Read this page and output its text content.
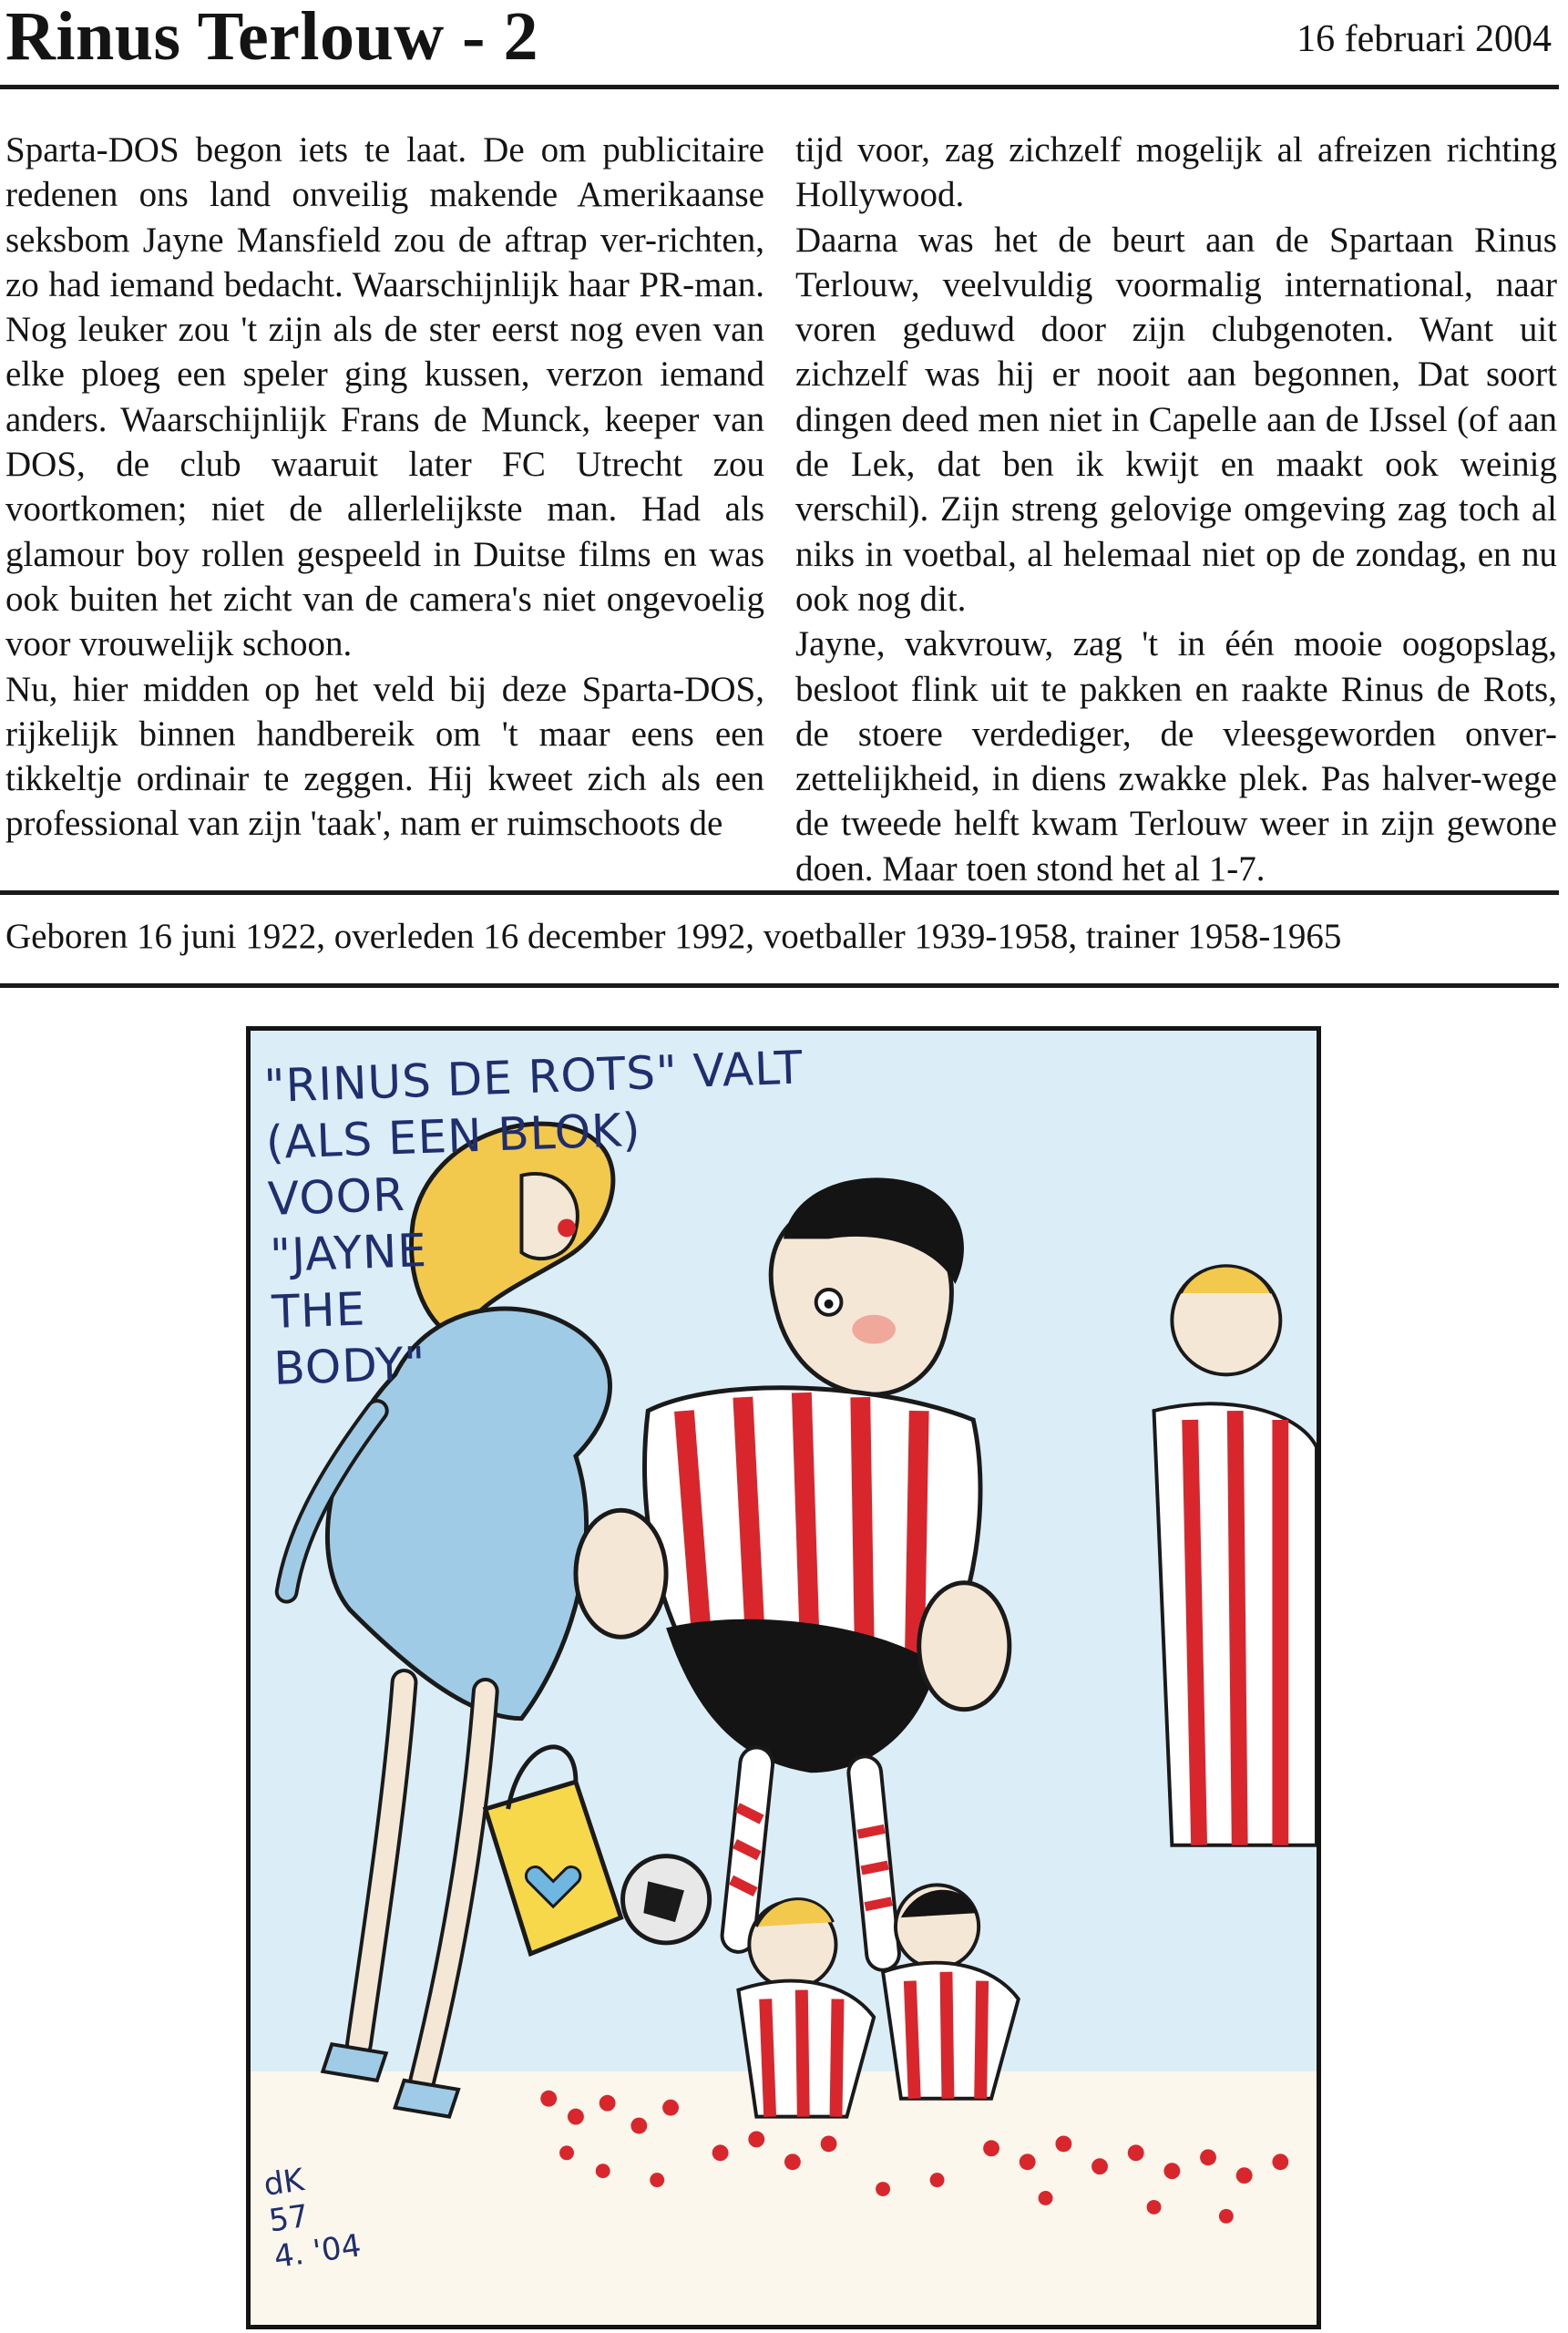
Rinus Terlouw - 2	16 februari 2004

Sparta-DOS begon iets te laat. De om publicitaire redenen ons land onveilig makende Amerikaanse seksbom Jayne Mansfield zou de aftrap ver-richten, zo had iemand bedacht. Waarschijnlijk haar PR-man. Nog leuker zou 't zijn als de ster eerst nog even van elke ploeg een speler ging kussen, verzon iemand anders. Waarschijnlijk Frans de Munck, keeper van DOS, de club waaruit later FC Utrecht zou voortkomen; niet de allerlelijkste man. Had als glamour boy rollen gespeeld in Duitse films en was ook buiten het zicht van de camera's niet ongevoelig voor vrouwelijk schoon.

Nu, hier midden op het veld bij deze Sparta-DOS, rijkelijk binnen handbereik om 't maar eens een tikkeltje ordinair te zeggen. Hij kweet zich als een professional van zijn 'taak', nam er ruimschoots de

tijd voor, zag zichzelf mogelijk al afreizen richting Hollywood.

Daarna was het de beurt aan de Spartaan Rinus Terlouw, veelvuldig voormalig international, naar voren geduwd door zijn clubgenoten. Want uit zichzelf was hij er nooit aan begonnen, Dat soort dingen deed men niet in Capelle aan de IJssel (of aan de Lek, dat ben ik kwijt en maakt ook weinig verschil). Zijn streng gelovige omgeving zag toch al niks in voetbal, al helemaal niet op de zondag, en nu ook nog dit.

Jayne, vakvrouw, zag 't in één mooie oogopslag, besloot flink uit te pakken en raakte Rinus de Rots, de stoere verdediger, de vleesgeworden onver-zettelijkheid, in diens zwakke plek. Pas halver-wege de tweede helft kwam Terlouw weer in zijn gewone doen. Maar toen stond het al 1-7.

Geboren 16 juni 1922, overleden 16 december 1992, voetballer 1939-1958, trainer 1958-1965
"RINUS DE ROTS" VALT
(ALS EEN BLOK)
VOOR
"JAYNE
THE
BODY"
dK
57
4. '04
